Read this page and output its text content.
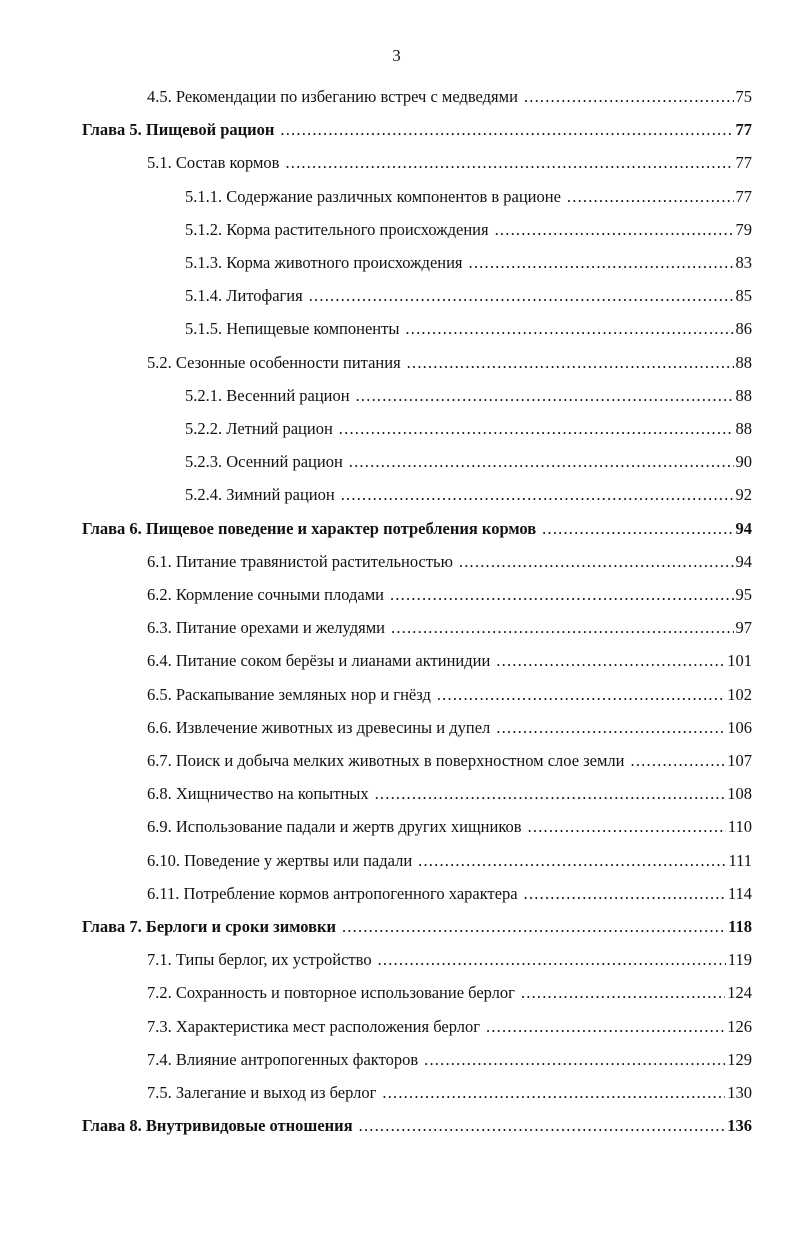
3
4.5. Рекомендации по избеганию встреч с медведями .....	75
Глава 5. Пищевой рацион .....	77
5.1. Состав кормов .....	77
5.1.1. Содержание различных компонентов в рационе .....	77
5.1.2. Корма растительного происхождения .....	79
5.1.3. Корма животного происхождения .....	83
5.1.4. Литофагия .....	85
5.1.5. Непищевые компоненты .....	86
5.2. Сезонные особенности питания .....	88
5.2.1. Весенний рацион .....	88
5.2.2. Летний рацион .....	88
5.2.3. Осенний рацион .....	90
5.2.4. Зимний рацион .....	92
Глава 6. Пищевое поведение и характер потребления кормов .....	94
6.1. Питание травянистой растительностью .....	94
6.2. Кормление сочными плодами .....	95
6.3. Питание орехами и желудями .....	97
6.4. Питание соком берёзы и лианами актинидии .....	101
6.5. Раскапывание земляных нор и гнёзд .....	102
6.6. Извлечение животных из древесины и дупел .....	106
6.7. Поиск и добыча мелких животных в поверхностном слое земли .....	107
6.8. Хищничество на копытных .....	108
6.9. Использование падали и жертв других хищников .....	110
6.10. Поведение у жертвы или падали .....	111
6.11. Потребление кормов антропогенного характера .....	114
Глава 7. Берлоги и сроки зимовки .....	118
7.1. Типы берлог, их устройство .....	119
7.2. Сохранность и повторное использование берлог .....	124
7.3. Характеристика мест расположения берлог .....	126
7.4. Влияние антропогенных факторов .....	129
7.5. Залегание и выход из берлог .....	130
Глава 8. Внутривидовые отношения .....	136
